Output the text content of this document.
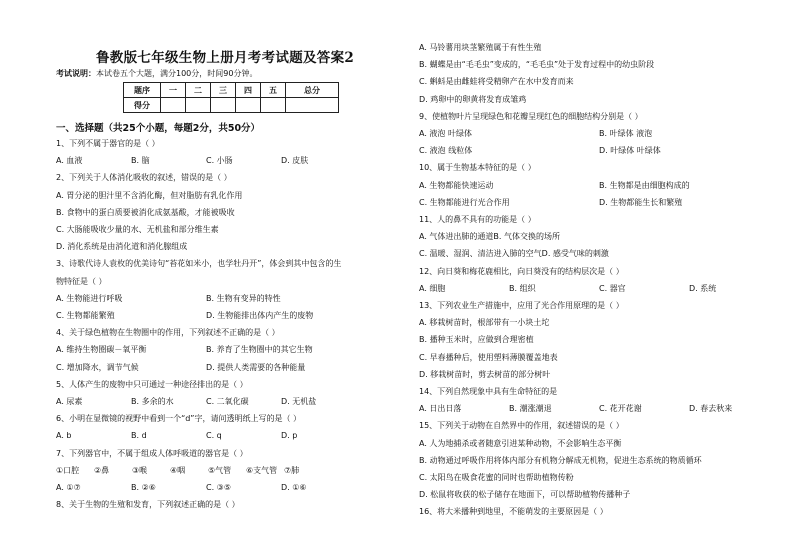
鲁教版七年级生物上册月考考试题及答案2
考试说明：本试卷五个大题，满分100分，时间90分钟。
题序	一	二	三	四	五	总分
得分						
一、选择题（共25个小题，每题2分，共50分）
1、下列不属于器官的是（ ）
A. 血液	B. 脑	C. 小肠	D. 皮肤
2、下列关于人体消化吸收的叙述，错误的是（ ）
A. 胃分泌的胆汁里不含消化酶，但对脂肪有乳化作用
B. 食物中的蛋白质要被消化成氨基酸，才能被吸收
C. 大肠能吸收少量的水、无机盐和部分维生素
D. 消化系统是由消化道和消化腺组成
3、诗歌代诗人袁枚的优美诗句“苔花如米小，也学牡丹开”，体会到其中包含的生
物特征是（ ）
A. 生物能进行呼吸	B. 生物有变异的特性
C. 生物都能繁殖	D. 生物能排出体内产生的废物
4、关于绿色植物在生物圈中的作用，下列叙述不正确的是（ ）
A. 维持生物圈碳－氧平衡	B. 养育了生物圈中的其它生物
C. 增加降水，调节气候	D. 提供人类需要的各种能量
5、人体产生的废物中只可通过一种途径排出的是（ ）
A. 尿素	B. 多余的水	C. 二氧化碳	D. 无机盐
6、小明在显微镜的视野中看到一个“d”字，请问透明纸上写的是（ ）
A. b	B. d	C. q	D. p
7、下列器官中，不属于组成人体呼吸道的器官是（ ）
①口腔 ②鼻	③喉	④咽	⑤气管 ⑥支气管 ⑦肺
A. ①⑦	B. ②⑥	C. ③⑤	D. ①⑥
8、关于生物的生殖和发育，下列叙述正确的是（ ）
A. 马铃薯用块茎繁殖属于有性生殖
B. 蝴蝶是由“毛毛虫”变成的，“毛毛虫”处于发育过程中的幼虫阶段
C. 蝌蚪是由雌蛙将受精卵产在水中发育而来
D. 鸡卵中的卵黄将发育成雏鸡
9、使植物叶片呈现绿色和花瓣呈现红色的细胞结构分别是（ ）
A. 液泡 叶绿体	B. 叶绿体 液泡
C. 液泡 线粒体	D. 叶绿体 叶绿体
10、属于生物基本特征的是（ ）
A. 生物都能快速运动	B. 生物都是由细胞构成的
C. 生物都能进行光合作用	D. 生物都能生长和繁殖
11、人的鼻不具有的功能是（ ）
A. 气体进出肺的通道B. 气体交换的场所
C. 温暖、湿润、清洁进入肺的空气D. 感受气味的刺激
12、向日葵和梅花鹿相比，向日葵没有的结构层次是（ ）
A. 细胞	B. 组织	C. 器官	D. 系统
13、下列农业生产措施中，应用了光合作用原理的是（ ）
A. 移栽树苗时，根部带有一小块土坨
B. 播种玉米时，应做到合理密植
C. 早春播种后，使用塑料薄膜覆盖地表
D. 移栽树苗时，剪去树苗的部分树叶
14、下列自然现象中具有生命特征的是
A. 日出日落	B. 潮涨潮退	C. 花开花谢	D. 春去秋来
15、下列关于动物在自然界中的作用，叙述错误的是（ ）
A. 人为地捕杀或者随意引进某种动物，不会影响生态平衡
B. 动物通过呼吸作用将体内部分有机物分解成无机物，促进生态系统的物质循环
C. 太阳鸟在吸食花蜜的同时也帮助植物传粉
D. 松鼠将收获的松子储存在地面下，可以帮助植物传播种子
16、将大米播种到地里，不能萌发的主要原因是（ ）
